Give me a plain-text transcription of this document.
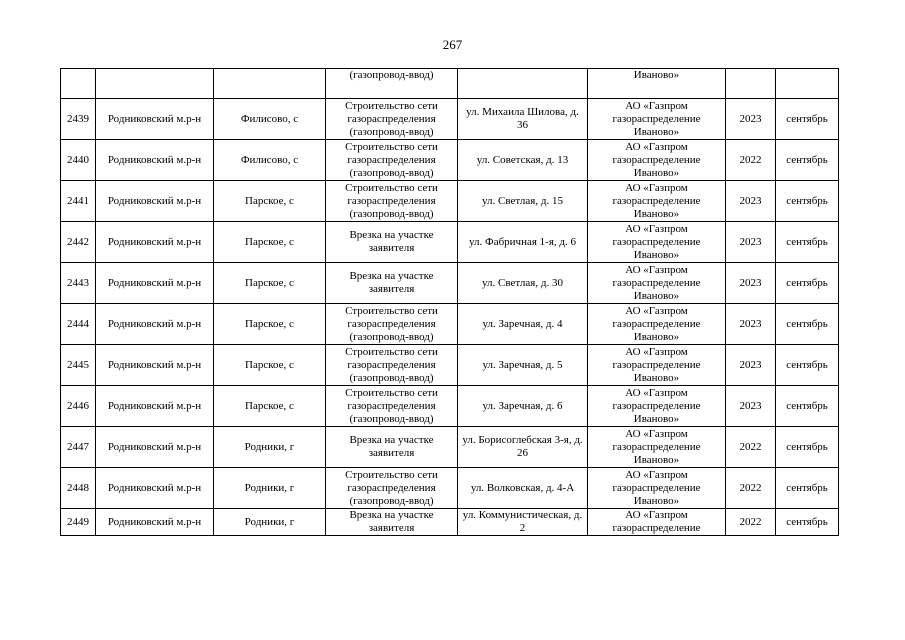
267
			(газопровод-ввод)		Иваново»		
2439	Родниковский м.р-н	Филисово, с	Строительство сети газораспределения (газопровод-ввод)	ул. Михаила Шилова, д. 36	АО «Газпром газораспределение Иваново»	2023	сентябрь
2440	Родниковский м.р-н	Филисово, с	Строительство сети газораспределения (газопровод-ввод)	ул. Советская, д. 13	АО «Газпром газораспределение Иваново»	2022	сентябрь
2441	Родниковский м.р-н	Парское, с	Строительство сети газораспределения (газопровод-ввод)	ул. Светлая, д. 15	АО «Газпром газораспределение Иваново»	2023	сентябрь
2442	Родниковский м.р-н	Парское, с	Врезка на участке заявителя	ул. Фабричная 1-я, д. 6	АО «Газпром газораспределение Иваново»	2023	сентябрь
2443	Родниковский м.р-н	Парское, с	Врезка на участке заявителя	ул. Светлая, д. 30	АО «Газпром газораспределение Иваново»	2023	сентябрь
2444	Родниковский м.р-н	Парское, с	Строительство сети газораспределения (газопровод-ввод)	ул. Заречная, д. 4	АО «Газпром газораспределение Иваново»	2023	сентябрь
2445	Родниковский м.р-н	Парское, с	Строительство сети газораспределения (газопровод-ввод)	ул. Заречная, д. 5	АО «Газпром газораспределение Иваново»	2023	сентябрь
2446	Родниковский м.р-н	Парское, с	Строительство сети газораспределения (газопровод-ввод)	ул. Заречная, д. 6	АО «Газпром газораспределение Иваново»	2023	сентябрь
2447	Родниковский м.р-н	Родники, г	Врезка на участке заявителя	ул. Борисоглебская 3-я, д. 26	АО «Газпром газораспределение Иваново»	2022	сентябрь
2448	Родниковский м.р-н	Родники, г	Строительство сети газораспределения (газопровод-ввод)	ул. Волковская, д. 4-А	АО «Газпром газораспределение Иваново»	2022	сентябрь
2449	Родниковский м.р-н	Родники, г	Врезка на участке заявителя	ул. Коммунистическая, д. 2	АО «Газпром газораспределение	2022	сентябрь
